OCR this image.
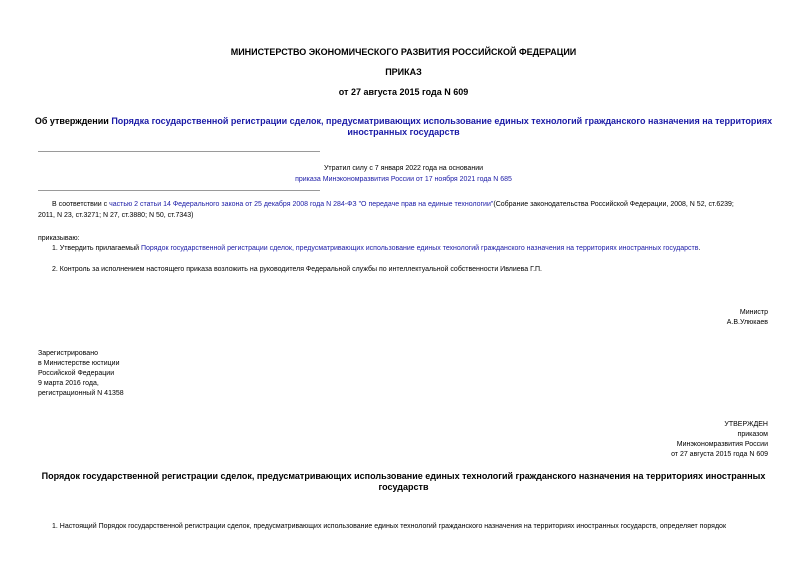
МИНИСТЕРСТВО ЭКОНОМИЧЕСКОГО РАЗВИТИЯ РОССИЙСКОЙ ФЕДЕРАЦИИ
ПРИКАЗ
от 27 августа 2015 года N 609
Об утверждении Порядка государственной регистрации сделок, предусматривающих использование единых технологий гражданского назначения на территориях
иностранных государств
Утратил силу с 7 января 2022 года на основании
приказа Минэкономразвития России от 17 ноября 2021 года N 685
В соответствии с частью 2 статьи 14 Федерального закона от 25 декабря 2008 года N 284-ФЗ "О передаче прав на единые технологии"(Собрание законодательства Российской Федерации, 2008, N 52, ст.6239;
2011, N 23, ст.3271; N 27, ст.3880; N 50, ст.7343)
приказываю:
1. Утвердить прилагаемый Порядок государственной регистрации сделок, предусматривающих использование единых технологий гражданского назначения на территориях иностранных государств.
2. Контроль за исполнением настоящего приказа возложить на руководителя Федеральной службы по интеллектуальной собственности Ивлиева Г.П.
Министр
А.В.Улюкаев
Зарегистрировано
в Министерстве юстиции
Российской Федерации
9 марта 2016 года,
регистрационный N 41358
УТВЕРЖДЕН
приказом
Минэкономразвития России
от 27 августа 2015 года N 609
Порядок государственной регистрации сделок, предусматривающих использование единых технологий гражданского назначения на территориях иностранных
государств
1. Настоящий Порядок государственной регистрации сделок, предусматривающих использование единых технологий гражданского назначения на территориях иностранных государств, определяет порядок
